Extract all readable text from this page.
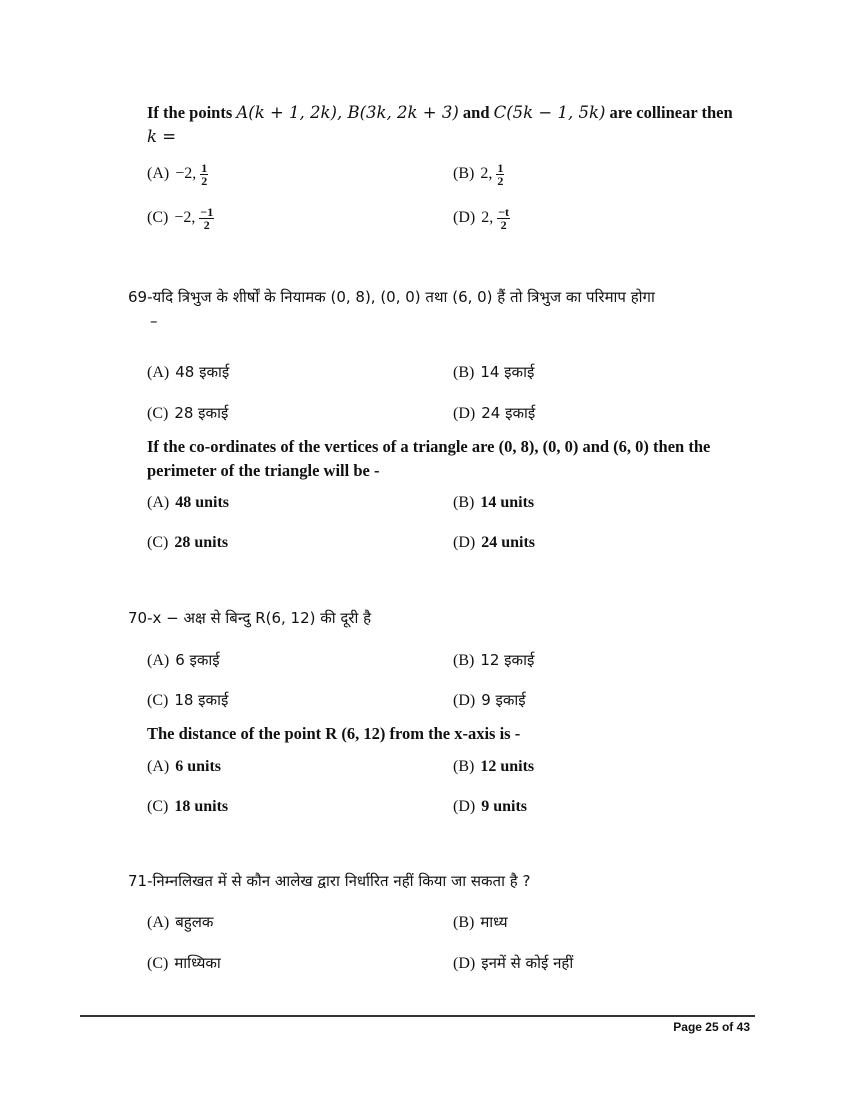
If the points A(k + 1, 2k), B(3k, 2k + 3) and C(5k − 1, 5k) are collinear then
k =
(A) −2, $\frac{1}{2}$	(B) 2, $\frac{1}{2}$
(C) −2, $\frac{-1}{2}$	(D) 2, $\frac{-t}{2}$
69-यदि त्रिभुज के शीर्षों के नियामक (0, 8), (0, 0) तथा (6, 0) हैं तो त्रिभुज का परिमाप होगा
–
(A) 48 इकाई	(B) 14 इकाई
(C) 28 इकाई	(D) 24 इकाई
If the co-ordinates of the vertices of a triangle are (0, 8), (0, 0) and (6, 0) then the
perimeter of the triangle will be -
(A) 48 units	(B) 14 units
(C) 28 units	(D) 24 units
70-x − अक्ष से बिन्दु R(6, 12) की दूरी है
(A) 6 इकाई	(B) 12 इकाई
(C) 18 इकाई	(D) 9 इकाई
The distance of the point R (6, 12) from the x-axis is -
(A) 6 units	(B) 12 units
(C) 18 units	(D) 9 units
71-निम्नलिखत में से कौन आलेख द्वारा निर्धारित नहीं किया जा सकता है ?
(A) बहुलक	(B) माध्य
(C) माध्यिका	(D) इनमें से कोई नहीं
Page 25 of 43
